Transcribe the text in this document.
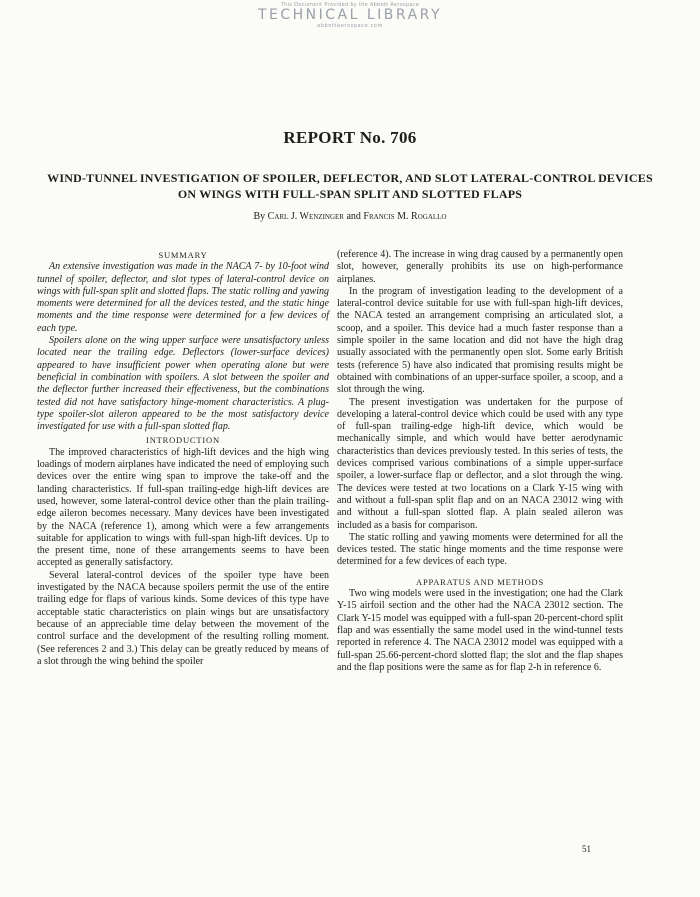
This Document Provided by the Abbott Aerospace
TECHNICAL LIBRARY
abbottaerospace.com
REPORT No. 706
WIND-TUNNEL INVESTIGATION OF SPOILER, DEFLECTOR, AND SLOT LATERAL-CONTROL DEVICES ON WINGS WITH FULL-SPAN SPLIT AND SLOTTED FLAPS
By Carl J. Wenzinger and Francis M. Rogallo

SUMMARY

An extensive investigation was made in the NACA 7- by 10-foot wind tunnel of spoiler, deflector, and slot types of lateral-control device on wings with full-span split and slotted flaps. The static rolling and yawing moments were determined for all the devices tested, and the static hinge moments and the time response were determined for a few devices of each type.

Spoilers alone on the wing upper surface were unsatisfactory unless located near the trailing edge. Deflectors (lower-surface devices) appeared to have insufficient power when operating alone but were beneficial in combination with spoilers. A slot between the spoiler and the deflector further increased their effectiveness, but the combinations tested did not have satisfactory hinge-moment characteristics. A plug-type spoiler-slot aileron appeared to be the most satisfactory device investigated for use with a full-span slotted flap.

INTRODUCTION

The improved characteristics of high-lift devices and the high wing loadings of modern airplanes have indicated the need of employing such devices over the entire wing span to improve the take-off and the landing characteristics. If full-span trailing-edge high-lift devices are used, however, some lateral-control device other than the plain trailing-edge aileron becomes necessary. Many devices have been investigated by the NACA (reference 1), among which were a few arrangements suitable for application to wings with full-span high-lift devices. Up to the present time, none of these arrangements seems to have been accepted as generally satisfactory.

Several lateral-control devices of the spoiler type have been investigated by the NACA because spoilers permit the use of the entire trailing edge for flaps of various kinds. Some devices of this type have acceptable static characteristics on plain wings but are unsatisfactory because of an appreciable time delay between the movement of the control surface and the development of the resulting rolling moment. (See references 2 and 3.) This delay can be greatly reduced by means of a slot through the wing behind the spoiler

(reference 4). The increase in wing drag caused by a permanently open slot, however, generally prohibits its use on high-performance airplanes.

In the program of investigation leading to the development of a lateral-control device suitable for use with full-span high-lift devices, the NACA tested an arrangement comprising an articulated slot, a scoop, and a spoiler. This device had a much faster response than a simple spoiler in the same location and did not have the high drag usually associated with the permanently open slot. Some early British tests (reference 5) have also indicated that promising results might be obtained with combinations of an upper-surface spoiler, a scoop, and a slot through the wing.

The present investigation was undertaken for the purpose of developing a lateral-control device which could be used with any type of full-span trailing-edge high-lift device, which would be mechanically simple, and which would have better aerodynamic characteristics than devices previously tested. In this series of tests, the devices comprised various combinations of a simple upper-surface spoiler, a lower-surface flap or deflector, and a slot through the wing. The devices were tested at two locations on a Clark Y-15 wing with and without a full-span split flap and on an NACA 23012 wing with and without a full-span slotted flap. A plain sealed aileron was included as a basis for comparison.

The static rolling and yawing moments were determined for all the devices tested. The static hinge moments and the time response were determined for a few devices of each type.

APPARATUS AND METHODS

Two wing models were used in the investigation; one had the Clark Y-15 airfoil section and the other had the NACA 23012 section. The Clark Y-15 model was equipped with a full-span 20-percent-chord split flap and was essentially the same model used in the wind-tunnel tests reported in reference 4. The NACA 23012 model was equipped with a full-span 25.66-percent-chord slotted flap; the slot and the flap shapes and the flap positions were the same as for flap 2-h in reference 6.

51
